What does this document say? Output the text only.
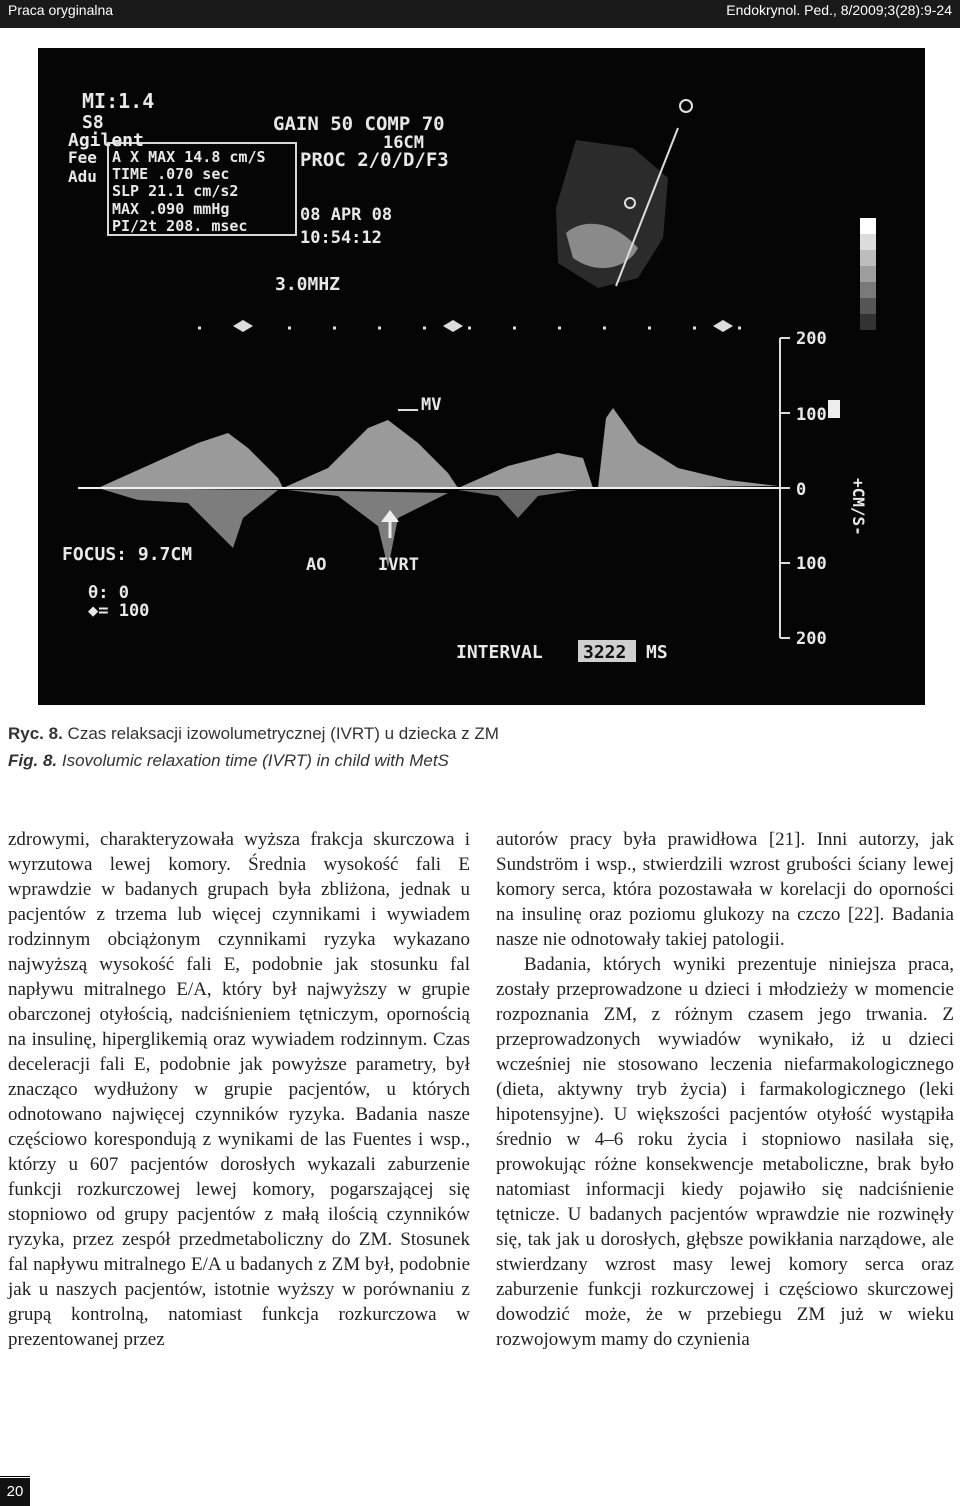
Praca oryginalna	Endokrynol. Ped., 8/2009;3(28):9-24
MI:1.4
S8
Agilent
Fee
Adu
A X MAX 14.8 cm/S
TIME .070 sec
SLP 21.1 cm/s2
MAX .090 mmHg
PI/2t 208. msec
GAIN 50 COMP 70
16CM
PROC 2/0/D/F3
08 APR 08
10:54:12
3.0MHZ
MV
AO	IVRT
FOCUS: 9.7CM
θ: 0
◆= 100
INTERVAL 3222 MS
200
100
0
100
200
+CM/S-
Ryc. 8. Czas relaksacji izowolumetrycznej (IVRT) u dziecka z ZM
Fig. 8. Isovolumic relaxation time (IVRT) in child with MetS

zdrowymi, charakteryzowała wyższa frakcja skurczowa i wyrzutowa lewej komory. Średnia wysokość fali E wprawdzie w badanych grupach była zbliżona, jednak u pacjentów z trzema lub więcej czynnikami i wywiadem rodzinnym obciążonym czynnikami ryzyka wykazano najwyższą wysokość fali E, podobnie jak stosunku fal napływu mitralnego E/A, który był najwyższy w grupie obarczonej otyłością, nadciśnieniem tętniczym, opornością na insulinę, hiperglikemią oraz wywiadem rodzinnym. Czas deceleracji fali E, podobnie jak powyższe parametry, był znacząco wydłużony w grupie pacjentów, u których odnotowano najwięcej czynników ryzyka. Badania nasze częściowo korespondują z wynikami de las Fuentes i wsp., którzy u 607 pacjentów dorosłych wykazali zaburzenie funkcji rozkurczowej lewej komory, pogarszającej się stopniowo od grupy pacjentów z małą ilością czynników ryzyka, przez zespół przedmetaboliczny do ZM. Stosunek fal napływu mitralnego E/A u badanych z ZM był, podobnie jak u naszych pacjentów, istotnie wyższy w porównaniu z grupą kontrolną, natomiast funkcja rozkurczowa w prezentowanej przez

autorów pracy była prawidłowa [21]. Inni autorzy, jak Sundström i wsp., stwierdzili wzrost grubości ściany lewej komory serca, która pozostawała w korelacji do oporności na insulinę oraz poziomu glukozy na czczo [22]. Badania nasze nie odnotowały takiej patologii.

Badania, których wyniki prezentuje niniejsza praca, zostały przeprowadzone u dzieci i młodzieży w momencie rozpoznania ZM, z różnym czasem jego trwania. Z przeprowadzonych wywiadów wynikało, iż u dzieci wcześniej nie stosowano leczenia niefarmakologicznego (dieta, aktywny tryb życia) i farmakologicznego (leki hipotensyjne). U większości pacjentów otyłość wystąpiła średnio w 4–6 roku życia i stopniowo nasilała się, prowokując różne konsekwencje metaboliczne, brak było natomiast informacji kiedy pojawiło się nadciśnienie tętnicze. U badanych pacjentów wprawdzie nie rozwinęły się, tak jak u dorosłych, głębsze powikłania narządowe, ale stwierdzany wzrost masy lewej komory serca oraz zaburzenie funkcji rozkurczowej i częściowo skurczowej dowodzić może, że w przebiegu ZM już w wieku rozwojowym mamy do czynienia

20
